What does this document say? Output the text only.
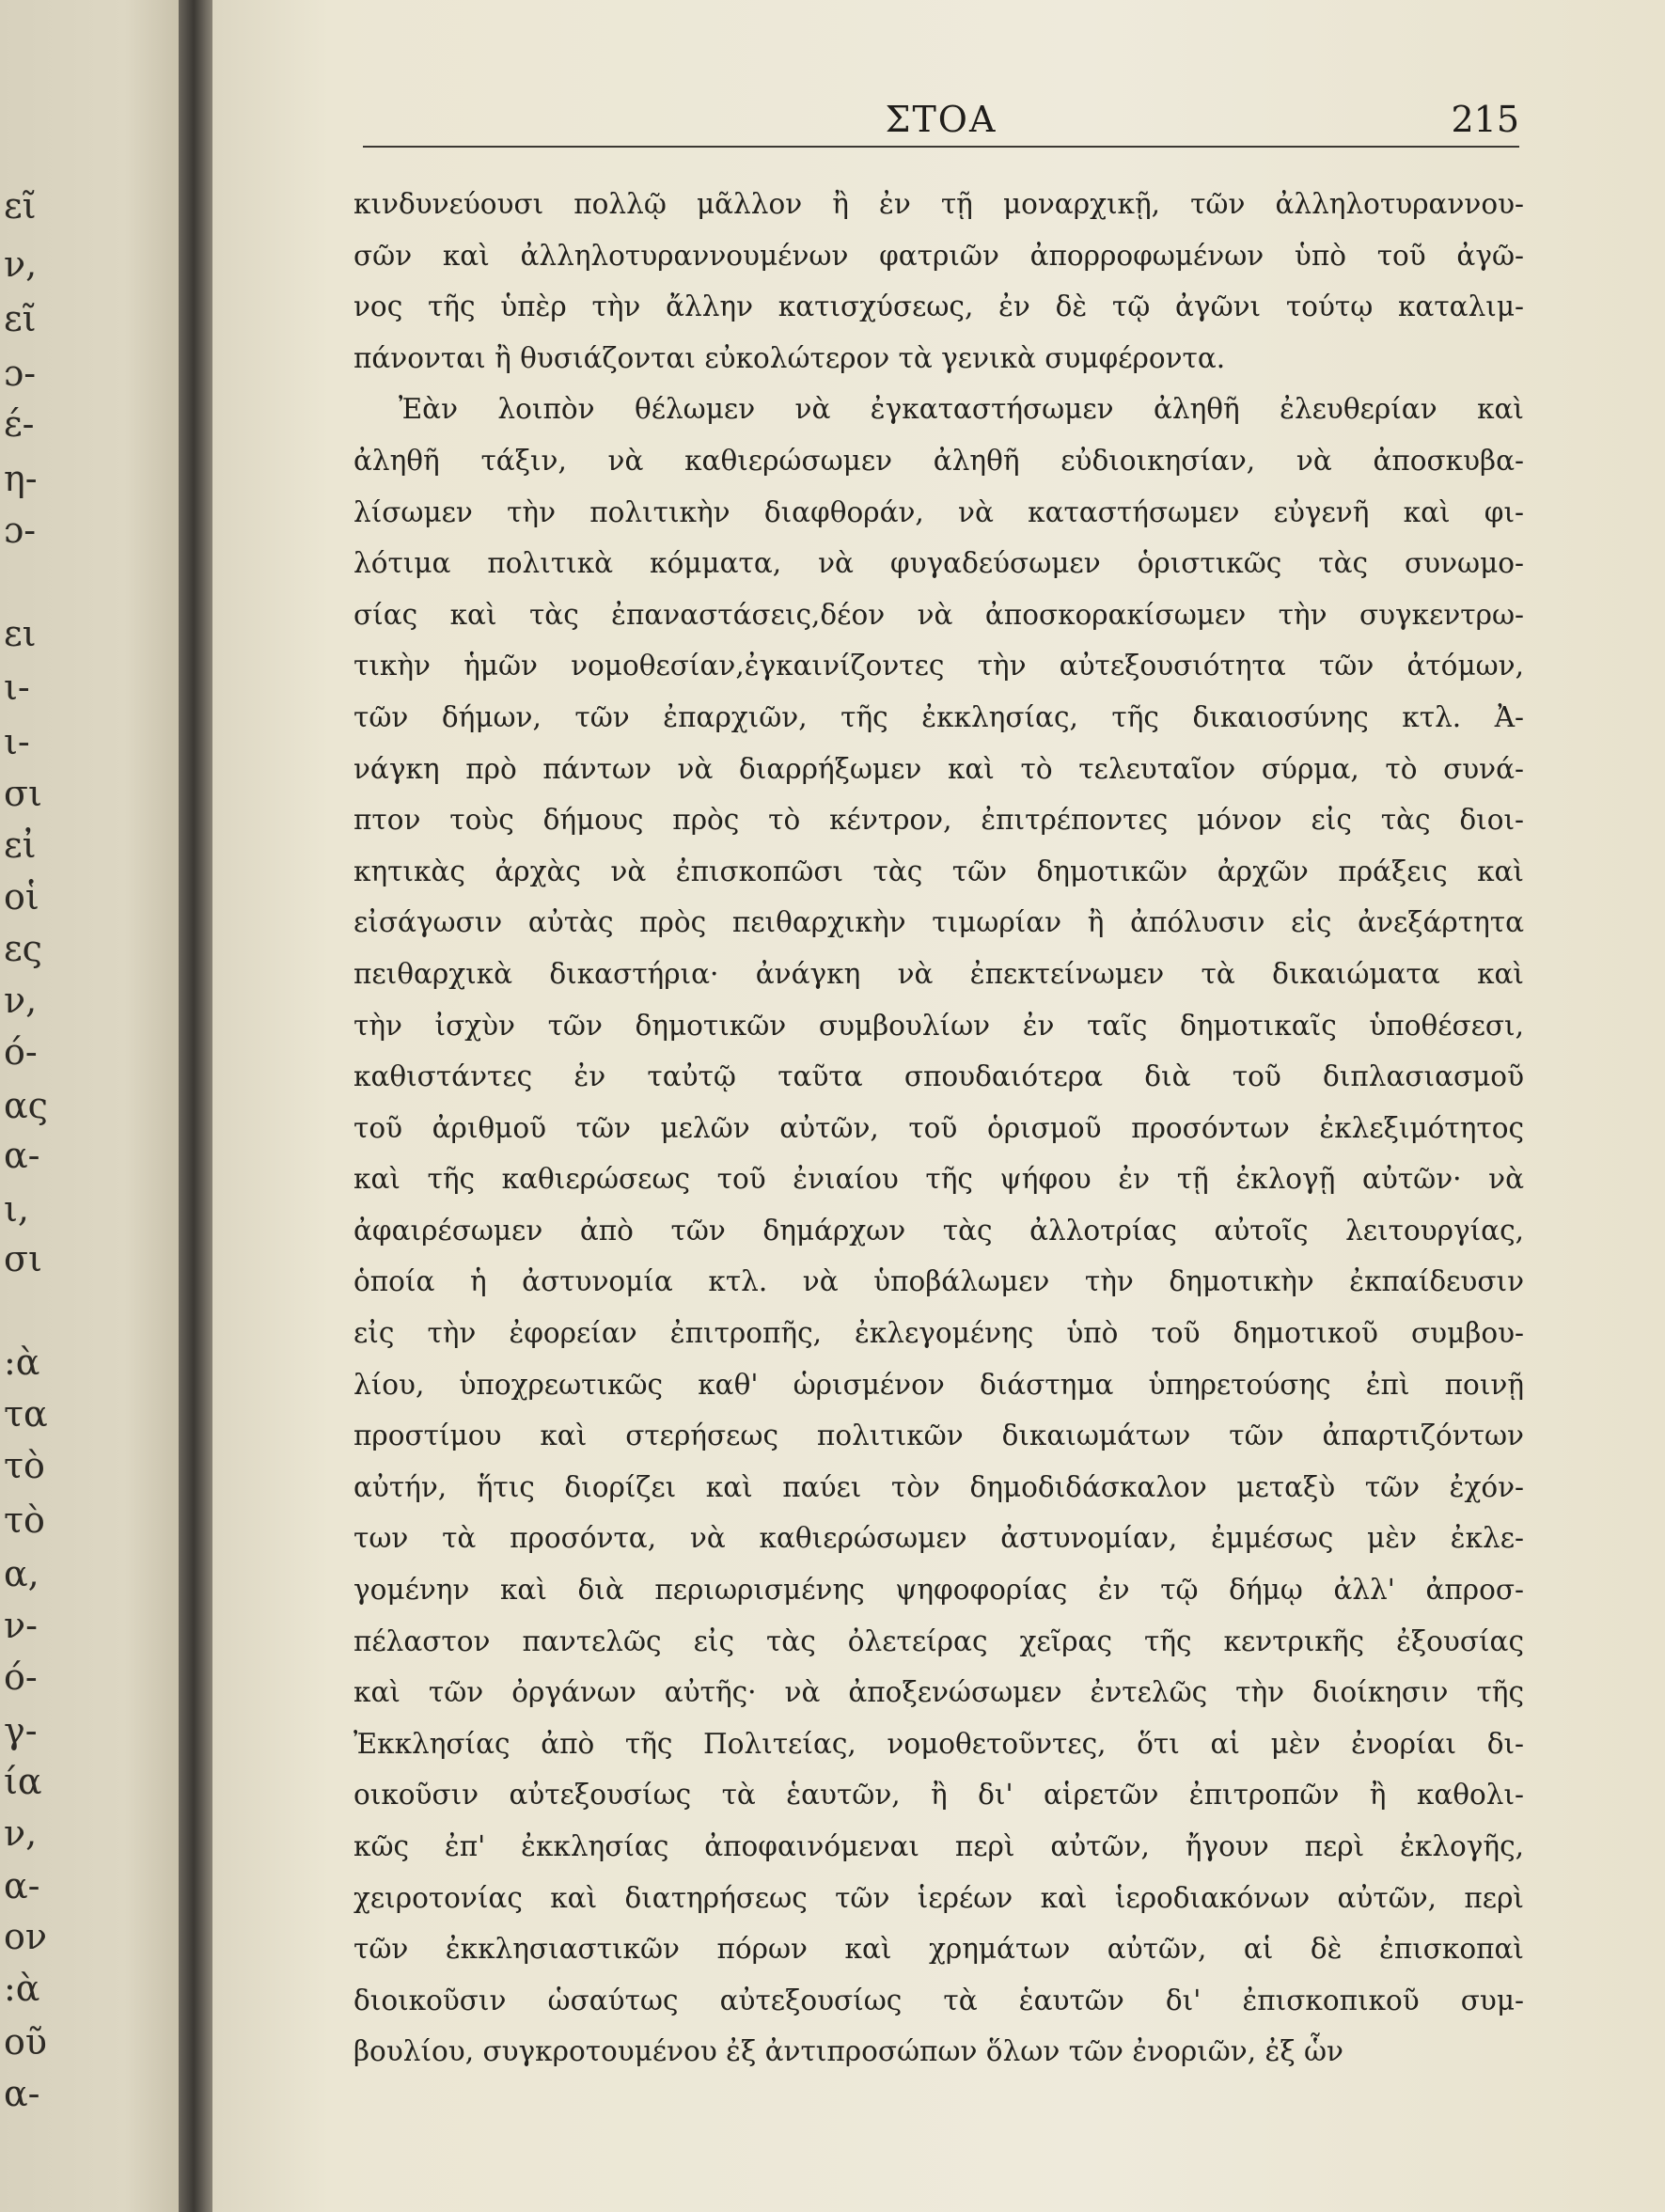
εῖ
ν,
εῖ
ɔ-
έ-
η-
ɔ-
ει
ι-
ι-
σι
εἰ
οἱ
ες
ν,
ό-
ας
α-
ι,
σι
:ὰ
τα
τὸ
τὸ
α,
ν-
ό-
γ-
ία
ν,
α-
ον
:ὰ
οῦ
α-
ΣΤΟΑ	215
κινδυνεύουσι πολλῷ μᾶλλον ἢ ἐν τῇ μοναρχικῇ, τῶν ἀλληλοτυραννου-
σῶν καὶ ἀλληλοτυραννουμένων φατριῶν ἀπορροφωμένων ὑπὸ τοῦ ἀγῶ-
νος τῆς ὑπὲρ τὴν ἄλλην κατισχύσεως, ἐν δὲ τῷ ἀγῶνι τούτῳ καταλιμ-
πάνονται ἢ θυσιάζονται εὐκολώτερον τὰ γενικὰ συμφέροντα.
Ἐὰν λοιπὸν θέλωμεν νὰ ἐγκαταστήσωμεν ἀληθῆ ἐλευθερίαν καὶ
ἀληθῆ τάξιν, νὰ καθιερώσωμεν ἀληθῆ εὐδιοικησίαν, νὰ ἀποσκυβα-
λίσωμεν τὴν πολιτικὴν διαφθοράν, νὰ καταστήσωμεν εὐγενῆ καὶ φι-
λότιμα πολιτικὰ κόμματα, νὰ φυγαδεύσωμεν ὁριστικῶς τὰς συνωμο-
σίας καὶ τὰς ἐπαναστάσεις,δέον νὰ ἀποσκορακίσωμεν τὴν συγκεντρω-
τικὴν ἡμῶν νομοθεσίαν,ἐγκαινίζοντες τὴν αὐτεξουσιότητα τῶν ἀτόμων,
τῶν δήμων, τῶν ἐπαρχιῶν, τῆς ἐκκλησίας, τῆς δικαιοσύνης κτλ. Ἀ-
νάγκη πρὸ πάντων νὰ διαρρήξωμεν καὶ τὸ τελευταῖον σύρμα, τὸ συνά-
πτον τοὺς δήμους πρὸς τὸ κέντρον, ἐπιτρέποντες μόνον εἰς τὰς διοι-
κητικὰς ἀρχὰς νὰ ἐπισκοπῶσι τὰς τῶν δημοτικῶν ἀρχῶν πράξεις καὶ
εἰσάγωσιν αὐτὰς πρὸς πειθαρχικὴν τιμωρίαν ἢ ἀπόλυσιν εἰς ἀνεξάρτητα
πειθαρχικὰ δικαστήρια· ἀνάγκη νὰ ἐπεκτείνωμεν τὰ δικαιώματα καὶ
τὴν ἰσχὺν τῶν δημοτικῶν συμβουλίων ἐν ταῖς δημοτικαῖς ὑποθέσεσι,
καθιστάντες ἐν ταὐτῷ ταῦτα σπουδαιότερα διὰ τοῦ διπλασιασμοῦ
τοῦ ἀριθμοῦ τῶν μελῶν αὐτῶν, τοῦ ὁρισμοῦ προσόντων ἐκλεξιμότητος
καὶ τῆς καθιερώσεως τοῦ ἐνιαίου τῆς ψήφου ἐν τῇ ἐκλογῇ αὐτῶν· νὰ
ἀφαιρέσωμεν ἀπὸ τῶν δημάρχων τὰς ἀλλοτρίας αὐτοῖς λειτουργίας,
ὁποία ἡ ἀστυνομία κτλ. νὰ ὑποβάλωμεν τὴν δημοτικὴν ἐκπαίδευσιν
εἰς τὴν ἐφορείαν ἐπιτροπῆς, ἐκλεγομένης ὑπὸ τοῦ δημοτικοῦ συμβου-
λίου, ὑποχρεωτικῶς καθ' ὡρισμένον διάστημα ὑπηρετούσης ἐπὶ ποινῇ
προστίμου καὶ στερήσεως πολιτικῶν δικαιωμάτων τῶν ἀπαρτιζόντων
αὐτήν, ἥτις διορίζει καὶ παύει τὸν δημοδιδάσκαλον μεταξὺ τῶν ἐχόν-
των τὰ προσόντα, νὰ καθιερώσωμεν ἀστυνομίαν, ἐμμέσως μὲν ἐκλε-
γομένην καὶ διὰ περιωρισμένης ψηφοφορίας ἐν τῷ δήμῳ ἀλλ' ἀπροσ-
πέλαστον παντελῶς εἰς τὰς ὀλετείρας χεῖρας τῆς κεντρικῆς ἐξουσίας
καὶ τῶν ὀργάνων αὐτῆς· νὰ ἀποξενώσωμεν ἐντελῶς τὴν διοίκησιν τῆς
Ἐκκλησίας ἀπὸ τῆς Πολιτείας, νομοθετοῦντες, ὅτι αἱ μὲν ἐνορίαι δι-
οικοῦσιν αὐτεξουσίως τὰ ἑαυτῶν, ἢ δι' αἱρετῶν ἐπιτροπῶν ἢ καθολι-
κῶς ἐπ' ἐκκλησίας ἀποφαινόμεναι περὶ αὐτῶν, ἤγουν περὶ ἐκλογῆς,
χειροτονίας καὶ διατηρήσεως τῶν ἱερέων καὶ ἱεροδιακόνων αὐτῶν, περὶ
τῶν ἐκκλησιαστικῶν πόρων καὶ χρημάτων αὐτῶν, αἱ δὲ ἐπισκοπαὶ
διοικοῦσιν ὡσαύτως αὐτεξουσίως τὰ ἑαυτῶν δι' ἐπισκοπικοῦ συμ-
βουλίου, συγκροτουμένου ἐξ ἀντιπροσώπων ὅλων τῶν ἐνοριῶν, ἐξ ὧν
